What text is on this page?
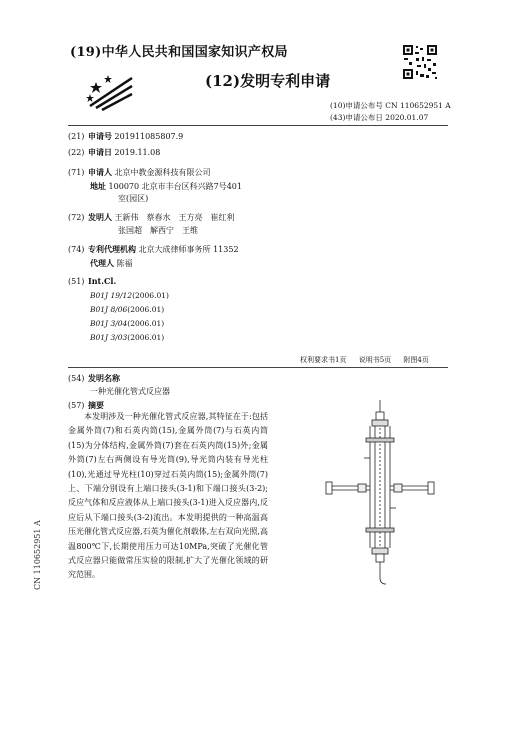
(19)中华人民共和国国家知识产权局
(12)发明专利申请
(10)申请公布号 CN 110652951 A
(43)申请公布日 2020.01.07
(21) 申请号 201911085807.9
(22) 申请日 2019.11.08
(71) 申请人 北京中教金源科技有限公司
地址 100070 北京市丰台区科兴路7号401
室(园区)
(72) 发明人 王新伟　蔡春水　王方亮　崔红利
张国超　解西宁　王维
(74) 专利代理机构 北京大成律师事务所 11352
代理人 陈福
(51) Int.Cl.
B01J 19/12(2006.01)
B01J 8/06(2006.01)
B01J 3/04(2006.01)
B01J 3/03(2006.01)
权利要求书1页 说明书5页 附图4页
(54) 发明名称
一种光催化管式反应器
(57) 摘要
本发明涉及一种光催化管式反应器,其特征在于:包括金属外筒(7)和石英内筒(15),金属外筒(7)与石英内筒(15)为分体结构,金属外筒(7)套在石英内筒(15)外;金属外筒(7)左右两侧设有导光筒(9),导光筒内装有导光柱(10),光通过导光柱(10)穿过石英内筒(15);金属外筒(7)上、下端分别设有上端口接头(3-1)和下端口接头(3-2);反应气体和反应液体从上端口接头(3-1)进入反应器内,反应后从下端口接头(3-2)流出。本发明提供的一种高温高压光催化管式反应器,石英为催化剂载体,左右双向光照,高温800℃下,长期使用压力可达10MPa,突破了光催化管式反应器只能做常压实验的限制,扩大了光催化领域的研究范围。
CN 110652951 A
